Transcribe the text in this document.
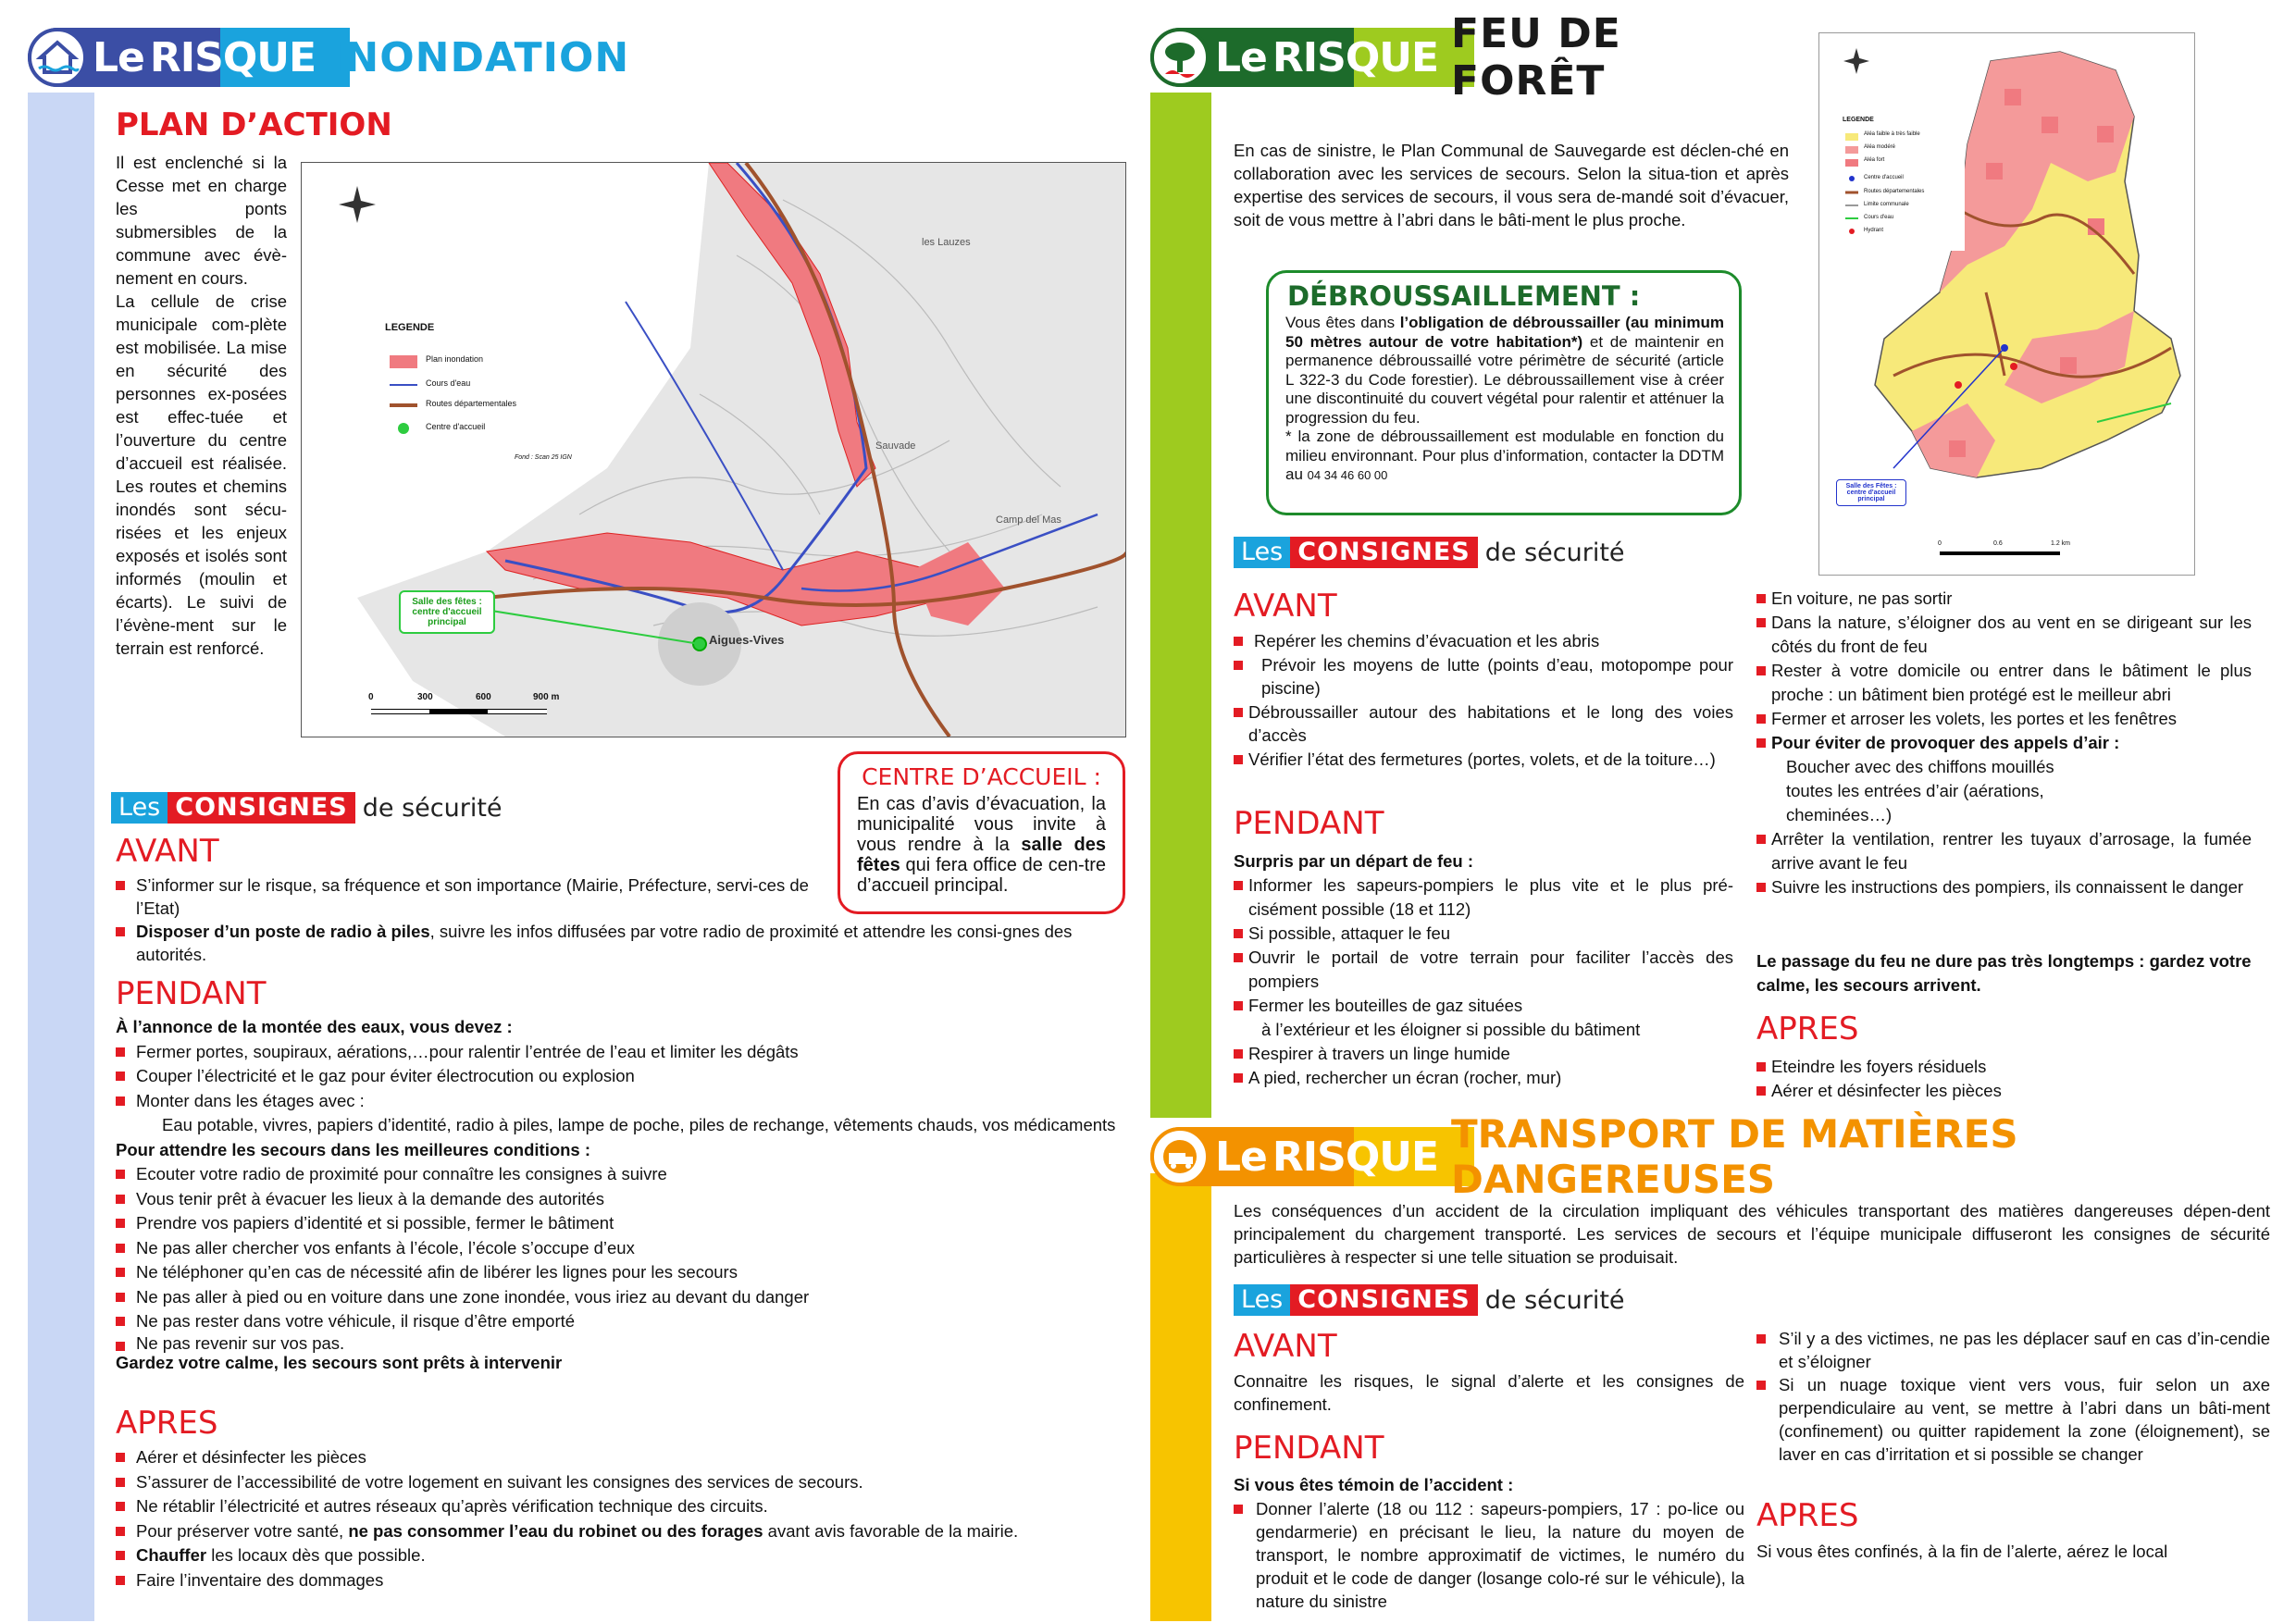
Le RISQUE INONDATION
PLAN D’ACTION
Il est enclenché si la Cesse met en charge les ponts submersibles de la commune avec évè-nement en cours.
La cellule de crise municipale com-plète est mobilisée. La mise en sécurité des personnes ex-posées est effec-tuée et l’ouverture du centre d’accueil est réalisée. Les routes et chemins inondés sont sécu-risées et les enjeux exposés et isolés sont informés (moulin et écarts). Le suivi de l’évène-ment sur le terrain est renforcé.
LEGENDE
Plan inondation
Cours d'eau
Routes départementales
Centre d'accueil
Fond : Scan 25 IGN
Salle des fêtes : centre d'accueil principal
Aigues-Vives
les Lauzes
Camp del Mas
Sauvade
0	300	600	900 m
CENTRE D’ACCUEIL :
En cas d’avis d’évacuation, la municipalité vous invite à vous rendre à la salle des fêtes qui fera office de cen-tre d’accueil principal.
Les CONSIGNES de sécurité
AVANT
S’informer sur le risque, sa fréquence et son importance (Mairie, Préfecture, servi-ces de l’Etat)
Disposer d’un poste de radio à piles, suivre les infos diffusées par votre radio de proximité et attendre les consi-gnes des autorités.
PENDANT
À l’annonce de la montée des eaux, vous devez :
Fermer portes, soupiraux, aérations,…pour ralentir l’entrée de l’eau et limiter les dégâts
Couper l’électricité et le gaz pour éviter électrocution ou explosion
Monter dans les étages avec :
Eau potable, vivres, papiers d’identité, radio à piles, lampe de poche, piles de rechange, vêtements chauds, vos médicaments
Pour attendre les secours dans les meilleures conditions :
Ecouter votre radio de proximité pour connaître les consignes à suivre
Vous tenir prêt à évacuer les lieux à la demande des autorités
Prendre vos papiers d’identité et si possible, fermer le bâtiment
Ne pas aller chercher vos enfants à l’école, l’école s’occupe d’eux
Ne téléphoner qu’en cas de nécessité afin de libérer les lignes pour les secours
Ne pas aller à pied ou en voiture dans une zone inondée, vous iriez au devant du danger
Ne pas rester dans votre véhicule, il risque d’être emporté
Ne pas revenir sur vos pas.
Gardez votre calme, les secours sont prêts à intervenir
APRES
Aérer et désinfecter les pièces
S’assurer de l’accessibilité de votre logement en suivant les consignes des services de secours.
Ne rétablir l’électricité et autres réseaux qu’après vérification technique des circuits.
Pour préserver votre santé, ne pas consommer l’eau du robinet ou des forages avant avis favorable de la mairie.
Chauffer les locaux dès que possible.
Faire l’inventaire des dommages
Le RISQUE FEU DE FORÊT
En cas de sinistre, le Plan Communal de Sauvegarde est déclen-ché en collaboration avec les services de secours. Selon la situa-tion et après expertise des services de secours, il vous sera de-mandé soit d’évacuer, soit de vous mettre à l’abri dans le bâti-ment le plus proche.
DÉBROUSSAILLEMENT :
Vous êtes dans l’obligation de débroussailler (au minimum 50 mètres autour de votre habitation*) et de maintenir en permanence débroussaillé votre périmètre de sécurité (article L 322-3 du Code forestier). Le débroussaillement vise à créer une discontinuité du couvert végétal pour ralentir et atténuer la progression du feu.
* la zone de débroussaillement est modulable en fonction du milieu environnant. Pour plus d’information, contacter la DDTM au 04 34 46 60 00
LEGENDE
Aléa faible à très faible
Aléa modéré
Aléa fort
Centre d'accueil
Routes départementales
Limite communale
Cours d'eau
Hydrant
Salle des Fêtes : centre d'accueil principal
0	0.6	1.2 km
Les CONSIGNES de sécurité
AVANT
Repérer les chemins d’évacuation et les abris
Prévoir les moyens de lutte (points d’eau, motopompe pour piscine)
Débroussailler autour des habitations et le long des voies d’accès
Vérifier l’état des fermetures (portes, volets, et de la toiture…)
PENDANT
Surpris par un départ de feu :
Informer les sapeurs-pompiers le plus vite et le plus pré-cisément possible (18 et 112)
Si possible, attaquer le feu
Ouvrir le portail de votre terrain pour faciliter l’accès des pompiers
Fermer les bouteilles de gaz situées
à l’extérieur et les éloigner si possible du bâtiment
Respirer à travers un linge humide
A pied, rechercher un écran (rocher, mur)
En voiture, ne pas sortir
Dans la nature, s’éloigner dos au vent en se dirigeant sur les côtés du front de feu
Rester à votre domicile ou entrer dans le bâtiment le plus proche : un bâtiment bien protégé est le meilleur abri
Fermer et arroser les volets, les portes et les fenêtres
Pour éviter de provoquer des appels d’air :
Boucher avec des chiffons mouillés
toutes les entrées d’air (aérations,
cheminées…)
Arrêter la ventilation, rentrer les tuyaux d’arrosage, la fumée arrive avant le feu
Suivre les instructions des pompiers, ils connaissent le danger
Le passage du feu ne dure pas très longtemps : gardez votre calme, les secours arrivent.
APRES
Eteindre les foyers résiduels
Aérer et désinfecter les pièces
Le RISQUE TRANSPORT DE MATIÈRES DANGEREUSES
Les conséquences d’un accident de la circulation impliquant des véhicules transportant des matières dangereuses dépen-dent principalement du chargement transporté. Les services de secours et l’équipe municipale diffuseront les consignes de sécurité particulières à respecter si une telle situation se produisait.
Les CONSIGNES de sécurité
AVANT
Connaitre les risques, le signal d’alerte et les consignes de confinement.
PENDANT
Si vous êtes témoin de l’accident :
Donner l’alerte (18 ou 112 : sapeurs-pompiers, 17 : po-lice ou gendarmerie) en précisant le lieu, la nature du moyen de transport, le nombre approximatif de victimes, le numéro du produit et le code de danger (losange colo-ré sur le véhicule), la nature du sinistre
S’il y a des victimes, ne pas les déplacer sauf en cas d’in-cendie et s’éloigner
Si un nuage toxique vient vers vous, fuir selon un axe perpendiculaire au vent, se mettre à l’abri dans un bâti-ment (confinement) ou quitter rapidement la zone (éloignement), se laver en cas d’irritation et si possible se changer
APRES
Si vous êtes confinés, à la fin de l’alerte, aérez le local
